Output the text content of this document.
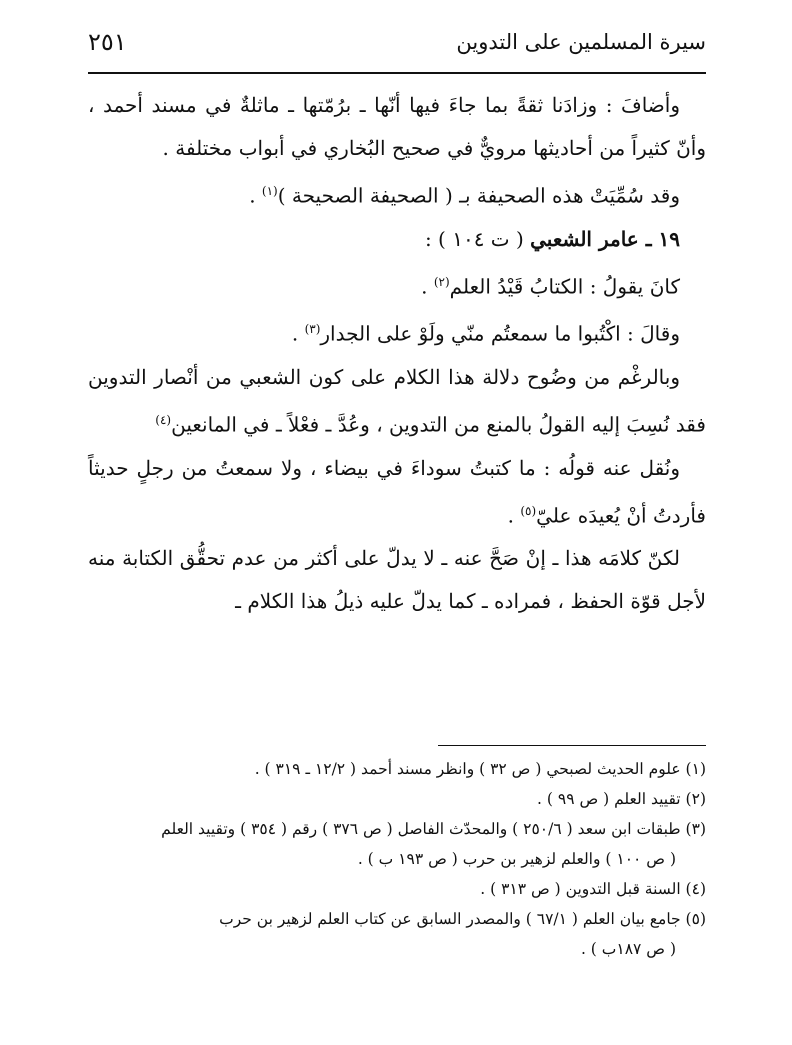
سيرة المسلمين على التدوين
٢٥١

وأضافَ : وزادَنا ثقةً بما جاءَ فيها أنّها ـ برُمّتها ـ ماثلةٌ في مسند أحمد ، وأنّ كثيراً من أحاديثها مرويٌّ في صحيح البُخاري في أبواب مختلفة .

وقد سُمِّيَتْ هذه الصحيفة بـ ( الصحيفة الصحيحة )$^{(١)}$ .

١٩ ـ عامر الشعبي ( ت ١٠٤ ) :

كانَ يقولُ : الكتابُ قَيْدُ العلم$^{(٢)}$ .

وقالَ : اكْتُبوا ما سمعتُم منّي ولَوْ على الجدار$^{(٣)}$ .

وبالرغْم من وضُوح دلالة هذا الكلام على كون الشعبي من أنْصار التدوين فقد نُسِبَ إليه القولُ بالمنع من التدوين ، وعُدَّ ـ فعْلاً ـ في المانعين$^{(٤)}$

ونُقل عنه قولُه : ما كتبتُ سوداءَ في بيضاء ، ولا سمعتُ من رجلٍ حديثاً فأردتُ أنْ يُعيدَه عليّ$^{(٥)}$ .

لكنّ كلامَه هذا ـ إنْ صَحَّ عنه ـ لا يدلّ على أكثر من عدم تحقُّق الكتابة منه لأجل قوّة الحفظ ، فمراده ـ كما يدلّ عليه ذيلُ هذا الكلام ـ

(١) علوم الحديث لصبحي ( ص ٣٢ ) وانظر مسند أحمد ( ١٢/٢ ـ ٣١٩ ) .

(٢) تقييد العلم ( ص ٩٩ ) .

(٣) طبقات ابن سعد ( ٢٥٠/٦ ) والمحدّث الفاصل ( ص ٣٧٦ ) رقم ( ٣٥٤ ) وتقييد العلم

( ص ١٠٠ ) والعلم لزهير بن حرب ( ص ١٩٣ ب ) .

(٤) السنة قبل التدوين ( ص ٣١٣ ) .

(٥) جامع بيان العلم ( ٦٧/١ ) والمصدر السابق عن كتاب العلم لزهير بن حرب

( ص ١٨٧ب ) .
